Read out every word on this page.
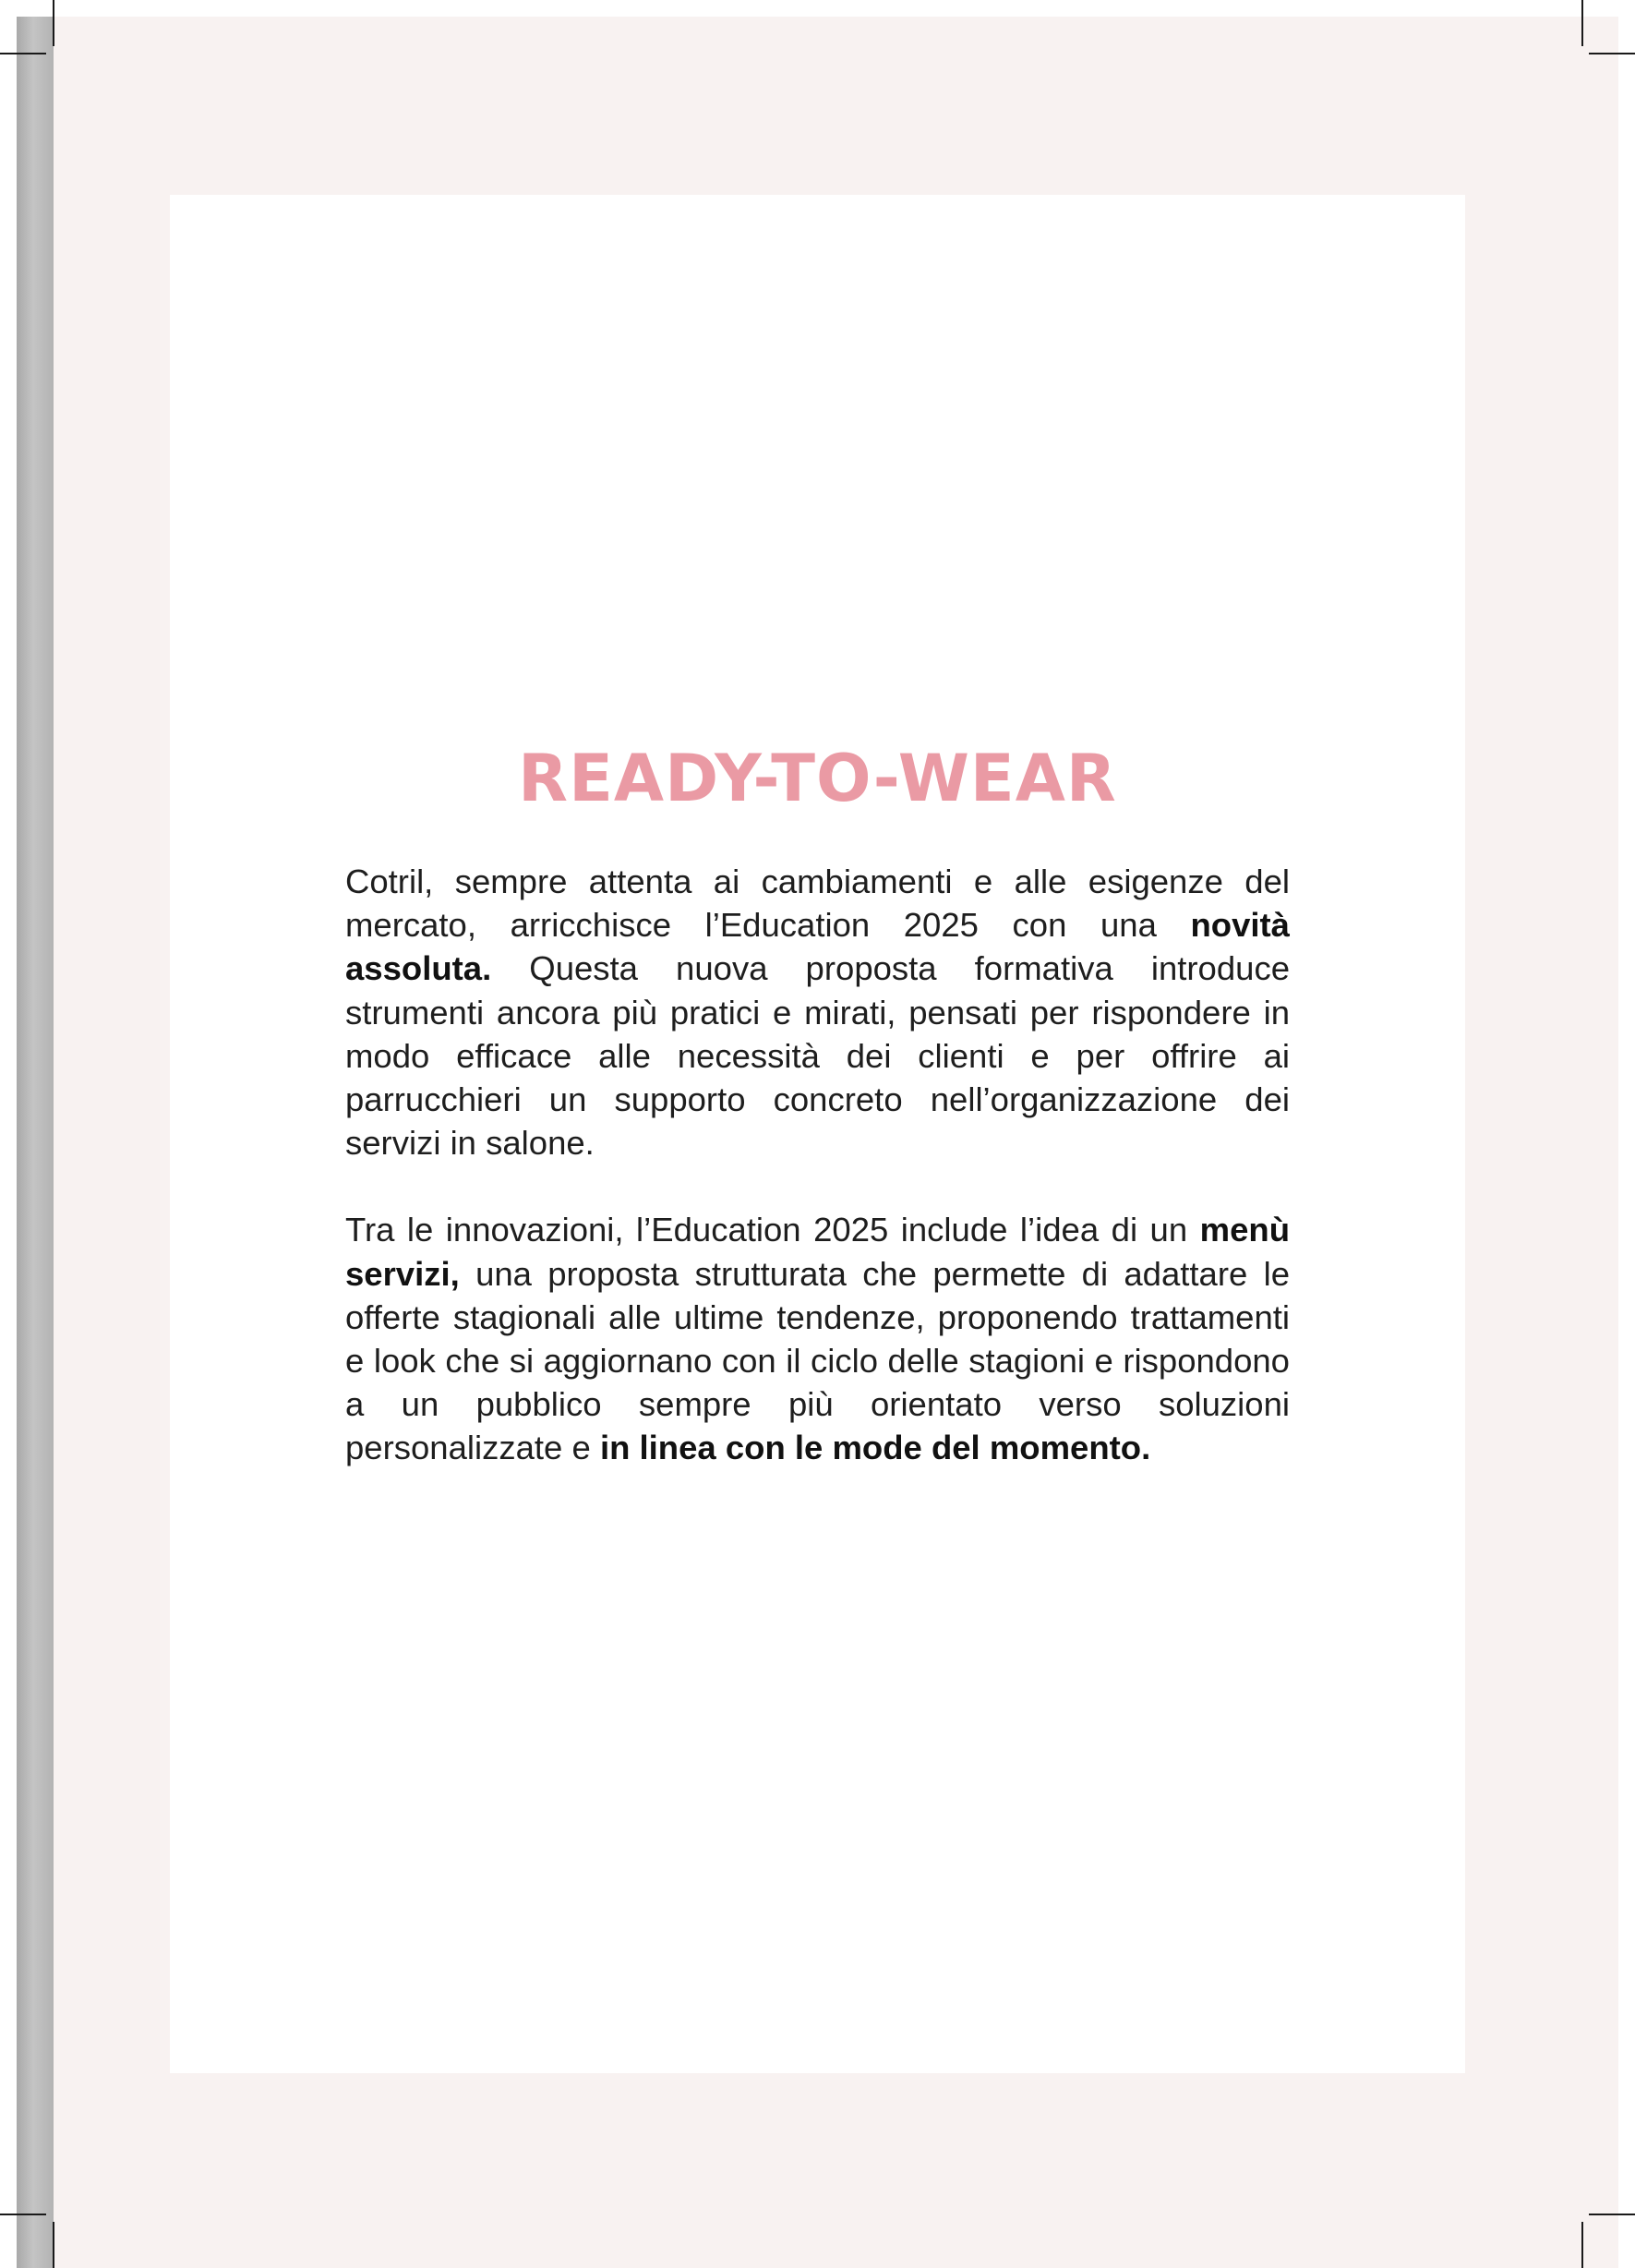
READY-TO-WEAR

Cotril, sempre attenta ai cambiamenti e alle esigenze del mercato, arricchisce l’Education 2025 con una novità assoluta. Questa nuova proposta formativa introduce strumenti ancora più pratici e mirati, pensati per rispondere in modo efficace alle necessità dei clienti e per offrire ai parrucchieri un supporto concreto nell’organizzazione dei servizi in salone.

Tra le innovazioni, l’Education 2025 include l’idea di un menù servizi, una proposta strutturata che permette di adattare le offerte stagionali alle ultime tendenze, proponendo trattamenti e look che si aggiornano con il ciclo delle stagioni e rispondono a un pubblico sempre più orientato verso soluzioni personalizzate e in linea con le mode del momento.
